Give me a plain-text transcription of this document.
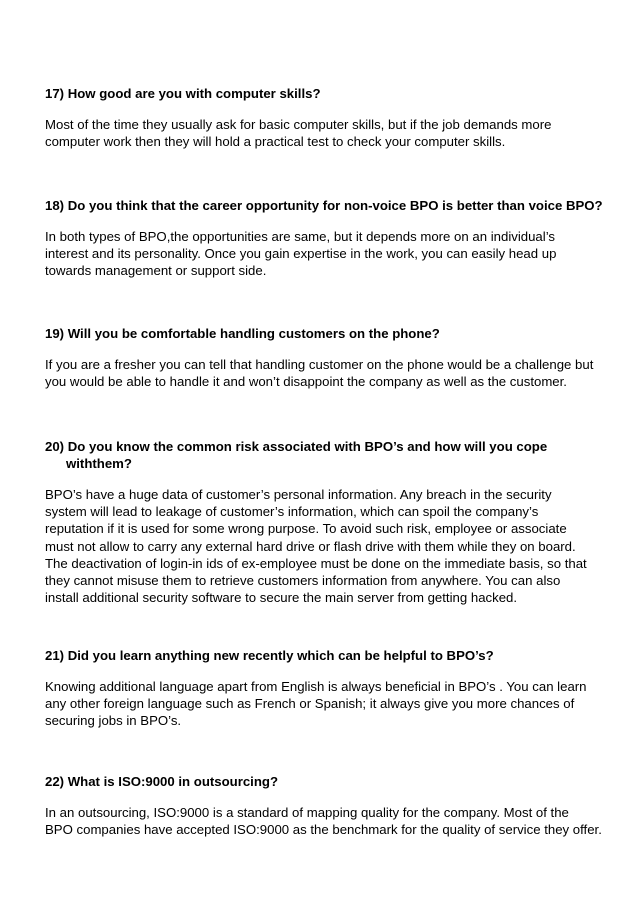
17) How good are you with computer skills?

Most of the time they usually ask for basic computer skills, but if the job demands more
computer work then they will hold a practical test to check your computer skills.

18) Do you think that the career opportunity for non-voice BPO is better than voice BPO?

In both types of BPO,the opportunities are same, but it depends more on an individual’s
interest and its personality. Once you gain expertise in the work, you can easily head up
towards management or support side.

19) Will you be comfortable handling customers on the phone?

If you are a fresher you can tell that handling customer on the phone would be a challenge but
you would be able to handle it and won’t disappoint the company as well as the customer.

20) Do you know the common risk associated with BPO’s and how will you cope
withthem?

BPO’s have a huge data of customer’s personal information. Any breach in the security
system will lead to leakage of customer’s information, which can spoil the company’s
reputation if it is used for some wrong purpose. To avoid such risk, employee or associate
must not allow to carry any external hard drive or flash drive with them while they on board.
The deactivation of login-in ids of ex-employee must be done on the immediate basis, so that
they cannot misuse them to retrieve customers information from anywhere. You can also
install additional security software to secure the main server from getting hacked.

21) Did you learn anything new recently which can be helpful to BPO’s?

Knowing additional language apart from English is always beneficial in BPO’s . You can learn
any other foreign language such as French or Spanish; it always give you more chances of
securing jobs in BPO’s.

22) What is ISO:9000 in outsourcing?

In an outsourcing, ISO:9000 is a standard of mapping quality for the company. Most of the
BPO companies have accepted ISO:9000 as the benchmark for the quality of service they offer.
